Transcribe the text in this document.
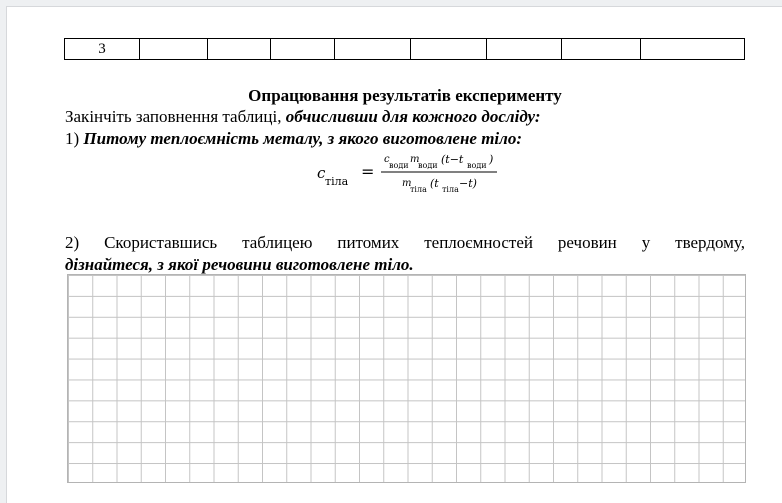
3								
Опрацювання результатів експерименту
Закінчіть заповнення таблиці, обчисливши для кожного досліду:
1) Питому теплоємність металу, з якого виготовлене тіло:
c тіла
=
c
води
m
води (t−t води )
m
тіла (t тіла −t)
2) Скориставшись таблицею питомих теплоємностей речовин у твердому,
дізнайтеся, з якої речовини виготовлене тіло.
